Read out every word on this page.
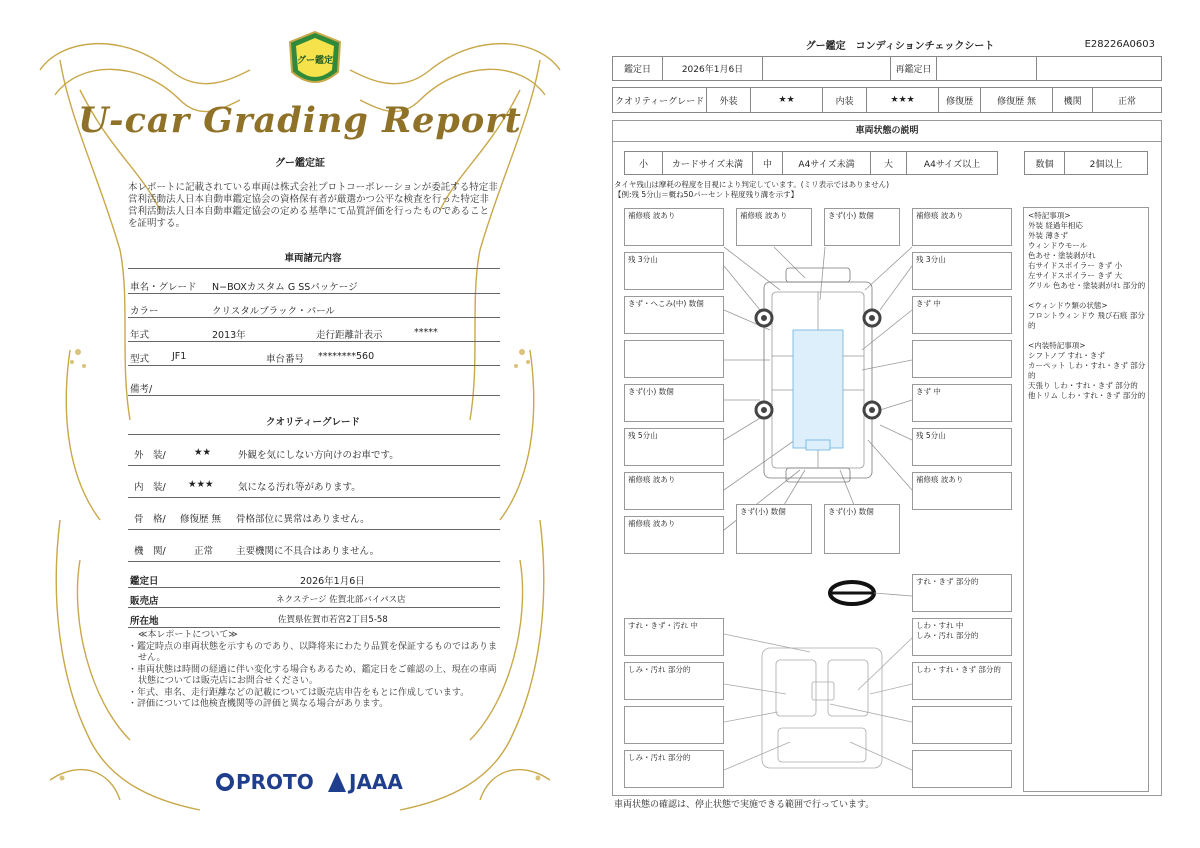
グー鑑定
U-car Grading Report
グー鑑定証
本レポートに記載されている車両は株式会社プロトコーポレーションが委託する特定非営利活動法人日本自動車鑑定協会の資格保有者が厳選かつ公平な検査を行った特定非営利活動法人日本自動車鑑定協会の定める基準にて品質評価を行ったものであることを証明する。
車両諸元内容
車名・グレード N−BOXカスタム G SSパッケージ
カラー	クリスタルブラック・パール
年式	2013年	走行距離計表示	*****
型式 JF1	車台番号 ********560
備考/
クオリティーグレード
外　装/	★★	外観を気にしない方向けのお車です。
内　装/ ★★★	気になる汚れ等があります。
骨　格/ 修復歴 無 骨格部位に異常はありません。
機　関/	正常 主要機関に不具合はありません。
鑑定日	2026年1月6日
販売店	ネクステージ 佐賀北部バイパス店
所在地	佐賀県佐賀市若宮2丁目5-58
≪本レポートについて≫
・鑑定時点の車両状態を示すものであり、以降将来にわたり品質を保証するものではありません。
・車両状態は時間の経過に伴い変化する場合もあるため、鑑定日をご確認の上、現在の車両状態については販売店にお問合せください。
・年式、車名、走行距離などの記載については販売店申告をもとに作成しています。
・評価については他検査機関等の評価と異なる場合があります。
PROTO	JAAA
グー鑑定　コンディションチェックシート	E28226A0603
鑑定日	2026年1月6日		再鑑定日		
クオリティーグレード	外装	★★	内装	★★★	修復歴	修復歴 無	機関	正常
車両状態の説明
小	カードサイズ未満	中	A4サイズ未満	大	A4サイズ以上	数個	2個以上
タイヤ残山は摩耗の程度を目視により判定しています。(ミリ表示ではありません)
【例:残 5分山＝概ね50パーセント程度残り溝を示す】
補修痕 波あり	補修痕 波あり	きず(小) 数個	補修痕 波あり
残 3分山	残 3分山
きず・へこみ(中) 数個	きず 中
きず(小) 数個	きず 中
残 5分山	残 5分山
補修痕 波あり	補修痕 波あり
補修痕 波あり
きず(小) 数個	きず(小) 数個
すれ・きず 部分的
すれ・きず・汚れ 中	しわ・すれ 中
しみ・汚れ 部分的
しみ・汚れ 部分的	しわ・すれ・きず 部分的
しみ・汚れ 部分的
<特記事項>
外装 経過年相応
外装 薄きず
ウィンドウモール
色あせ・塗装剥がれ
右サイドスポイラー きず 小
左サイドスポイラー きず 大
グリル 色あせ・塗装剥がれ 部分的

<ウィンドウ類の状態>
フロントウィンドウ 飛び石痕 部分的

<内装特記事項>
シフトノブ すれ・きず
カーペット しわ・すれ・きず 部分的
天張り しわ・すれ・きず 部分的
他トリム しわ・すれ・きず 部分的
車両状態の確認は、停止状態で実施できる範囲で行っています。
